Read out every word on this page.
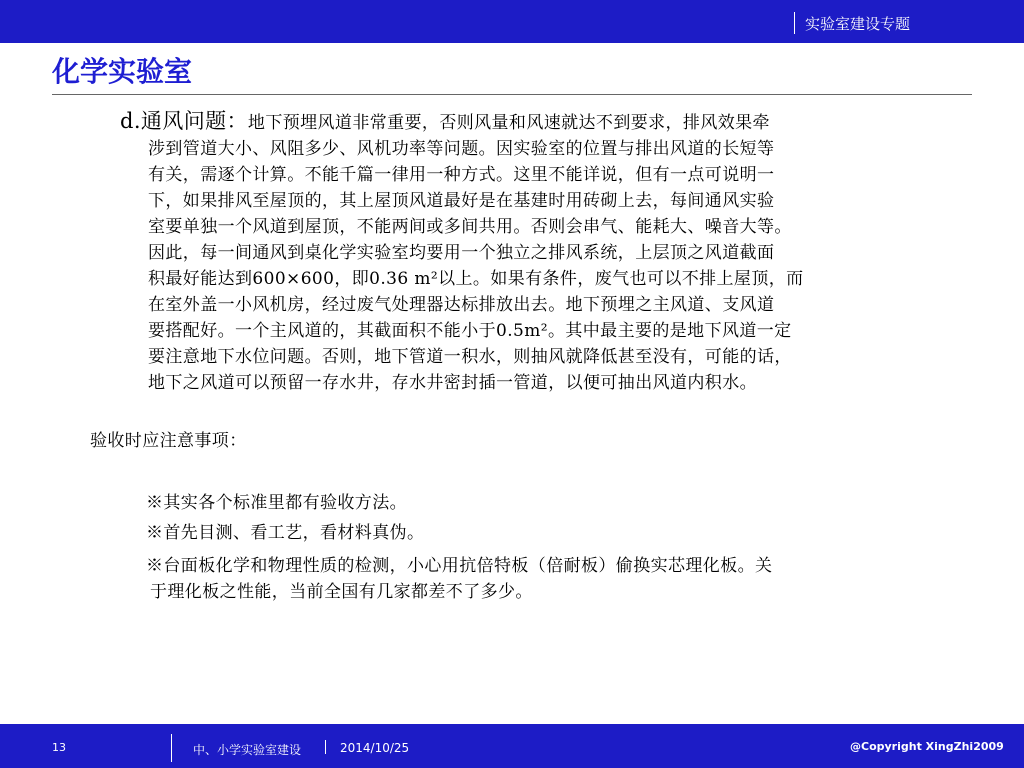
实验室建设专题
化学实验室
d.通风问题：地下预埋风道非常重要，否则风量和风速就达不到要求，排风效果牵
涉到管道大小、风阻多少、风机功率等问题。因实验室的位置与排出风道的长短等
有关，需逐个计算。不能千篇一律用一种方式。这里不能详说，但有一点可说明一
下，如果排风至屋顶的，其上屋顶风道最好是在基建时用砖砌上去，每间通风实验
室要单独一个风道到屋顶，不能两间或多间共用。否则会串气、能耗大、噪音大等。
因此，每一间通风到桌化学实验室均要用一个独立之排风系统，上层顶之风道截面
积最好能达到600×600，即0.36 m²以上。如果有条件，废气也可以不排上屋顶，而
在室外盖一小风机房，经过废气处理器达标排放出去。地下预埋之主风道、支风道
要搭配好。一个主风道的，其截面积不能小于0.5m²。其中最主要的是地下风道一定
要注意地下水位问题。否则，地下管道一积水，则抽风就降低甚至没有，可能的话，
地下之风道可以预留一存水井，存水井密封插一管道，以便可抽出风道内积水。
验收时应注意事项：
※其实各个标准里都有验收方法。
※首先目测、看工艺，看材料真伪。
※台面板化学和物理性质的检测，小心用抗倍特板（倍耐板）偷换实芯理化板。关
于理化板之性能，当前全国有几家都差不了多少。
13	中、小学实验室建设	2014/10/25	@Copyright XingZhi2009
